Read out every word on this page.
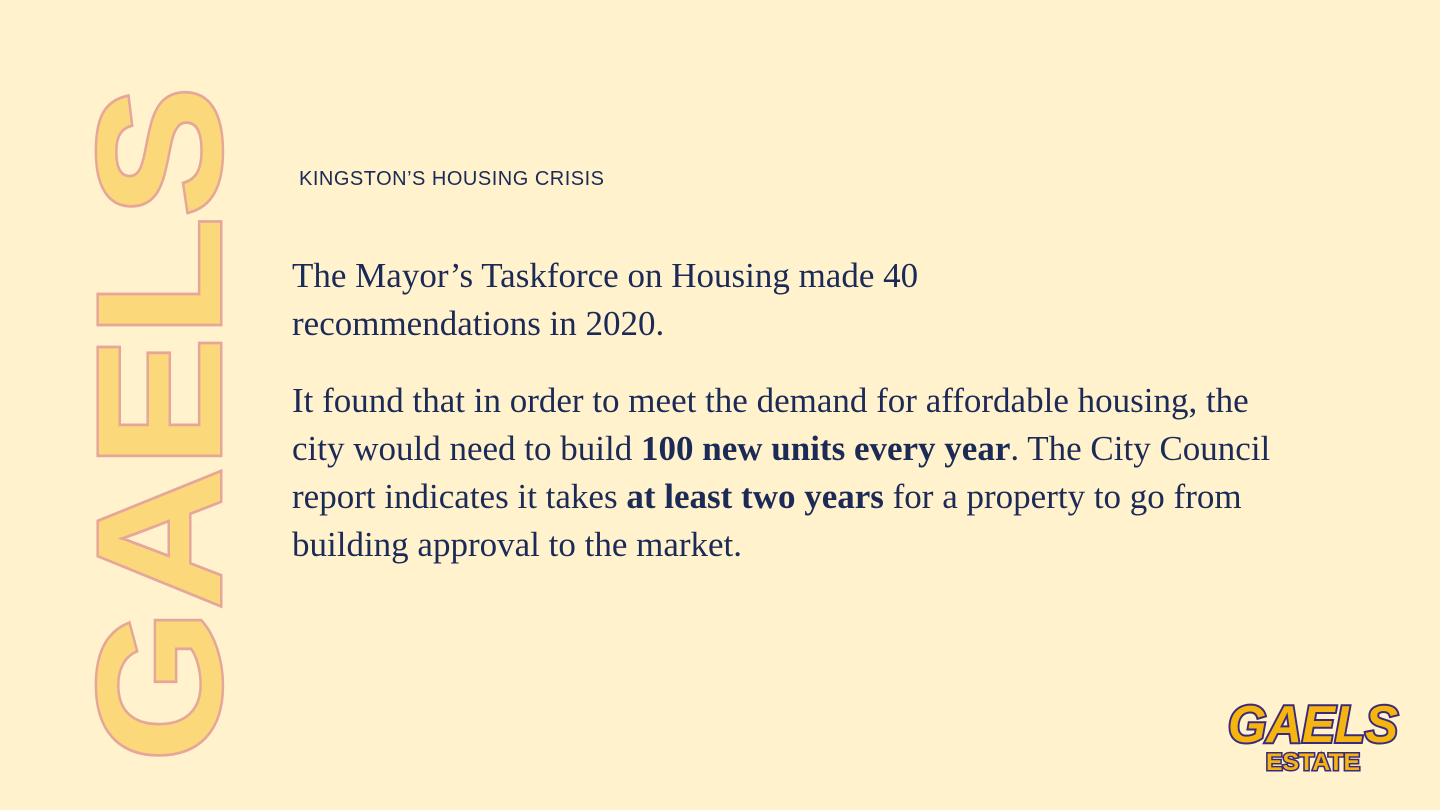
GAELS KINGSTON’S HOUSING CRISIS

The Mayor’s Taskforce on Housing made 40
recommendations in 2020.

It found that in order to meet the demand for affordable housing, the city would need to build 100 new units every year. The City Council report indicates it takes at least two years for a property to go from building approval to the market.

GAELS
ESTATE
